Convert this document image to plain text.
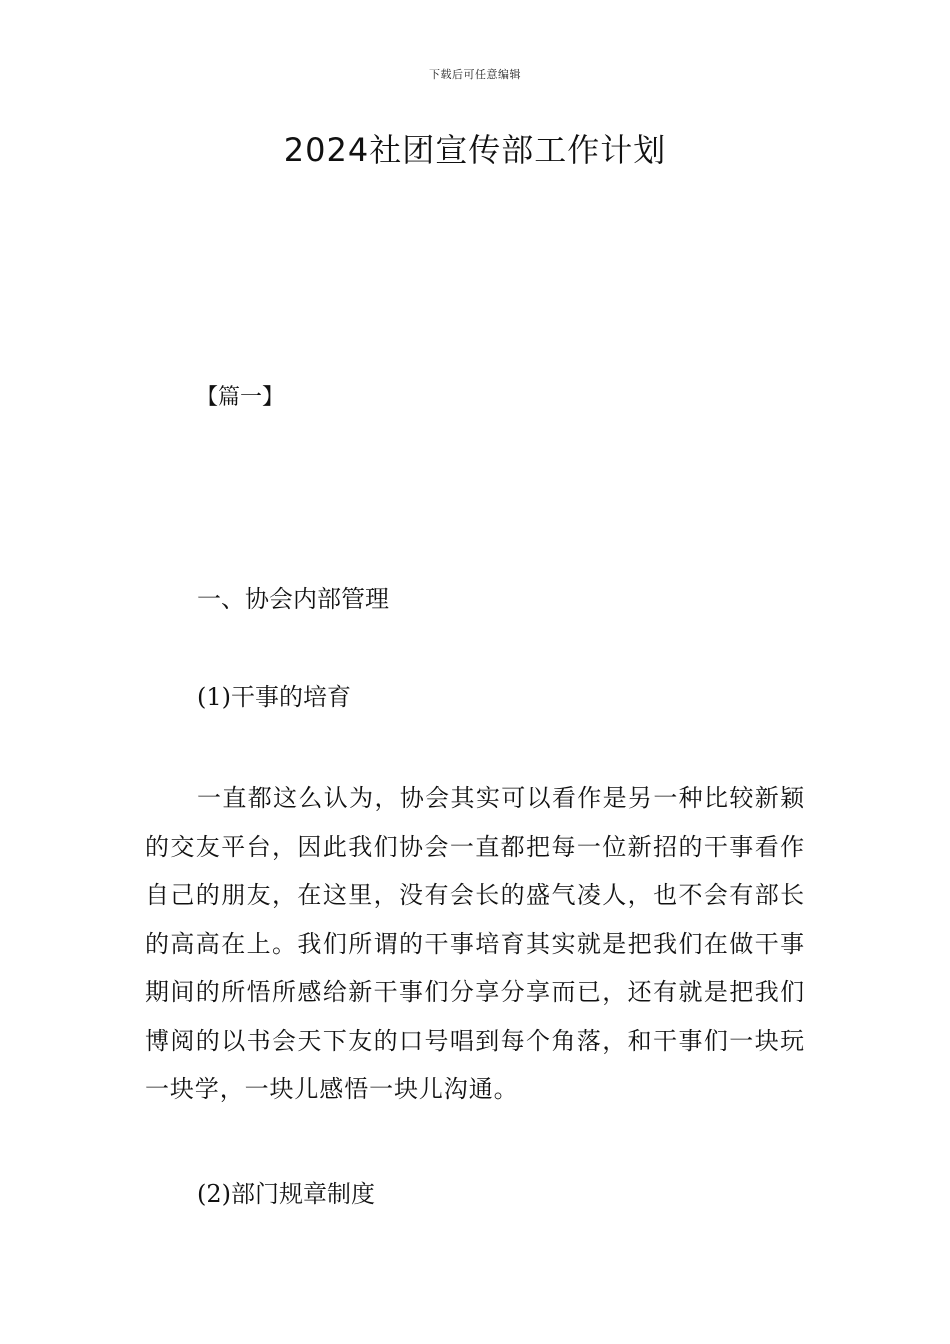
下载后可任意编辑
2024社团宣传部工作计划
【篇一】

一、协会内部管理

(1)干事的培育

一直都这么认为，协会其实可以看作是另一种比较新颖的交友平台，因此我们协会一直都把每一位新招的干事看作自己的朋友，在这里，没有会长的盛气凌人，也不会有部长的高高在上。我们所谓的干事培育其实就是把我们在做干事期间的所悟所感给新干事们分享分享而已，还有就是把我们博阅的以书会天下友的口号唱到每个角落，和干事们一块玩一块学，一块儿感悟一块儿沟通。

(2)部门规章制度
